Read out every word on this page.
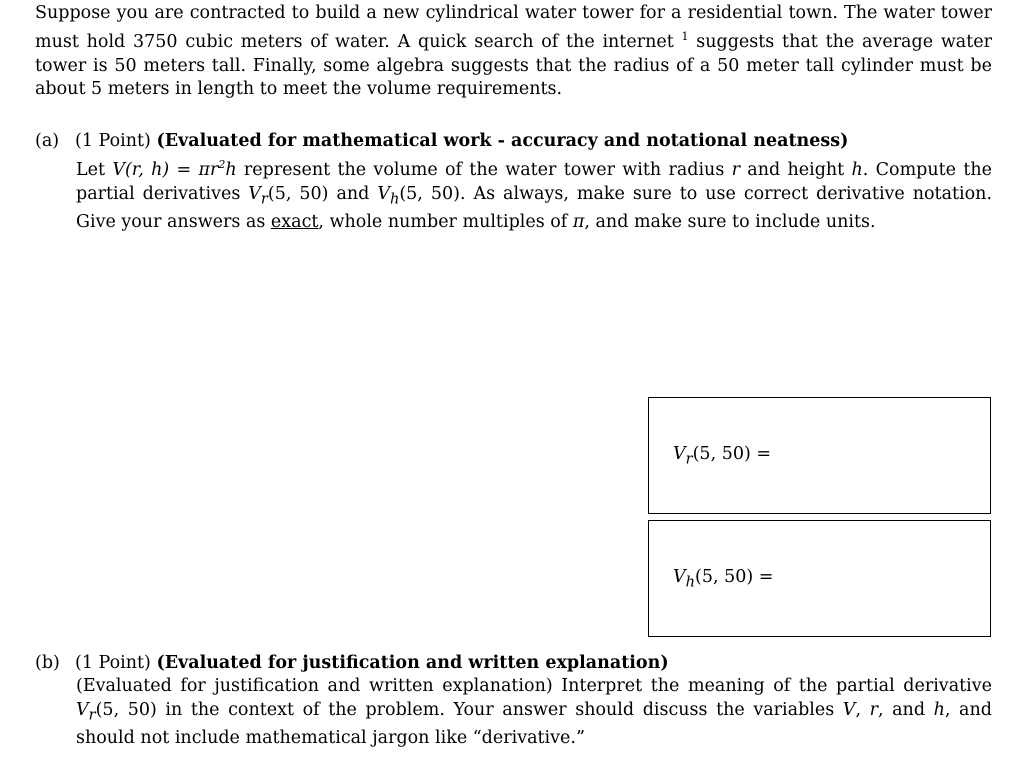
Suppose you are contracted to build a new cylindrical water tower for a residential town. The water tower must hold 3750 cubic meters of water. A quick search of the internet $^1$ suggests that the average water tower is 50 meters tall. Finally, some algebra suggests that the radius of a 50 meter tall cylinder must be about 5 meters in length to meet the volume requirements.
(a) (1 Point) (Evaluated for mathematical work - accuracy and notational neatness)
Let V(r, $h) = \pi r^2h$ represent the volume of the water tower with radius r and height h. Compute the partial derivatives $V_r(5$, 50) and $V_h(5$, 50). As always, make sure to use correct derivative notation. Give your answers as exact, whole number multiples of π, and make sure to include units.
$V_r(5$, 50) =
$V_h(5$, 50) =
(b) (1 Point) (Evaluated for justification and written explanation)
(Evaluated for justification and written explanation) Interpret the meaning of the partial derivative $V_r(5$, 50) in the context of the problem. Your answer should discuss the variables V, r, and h, and should not include mathematical jargon like “derivative.”
